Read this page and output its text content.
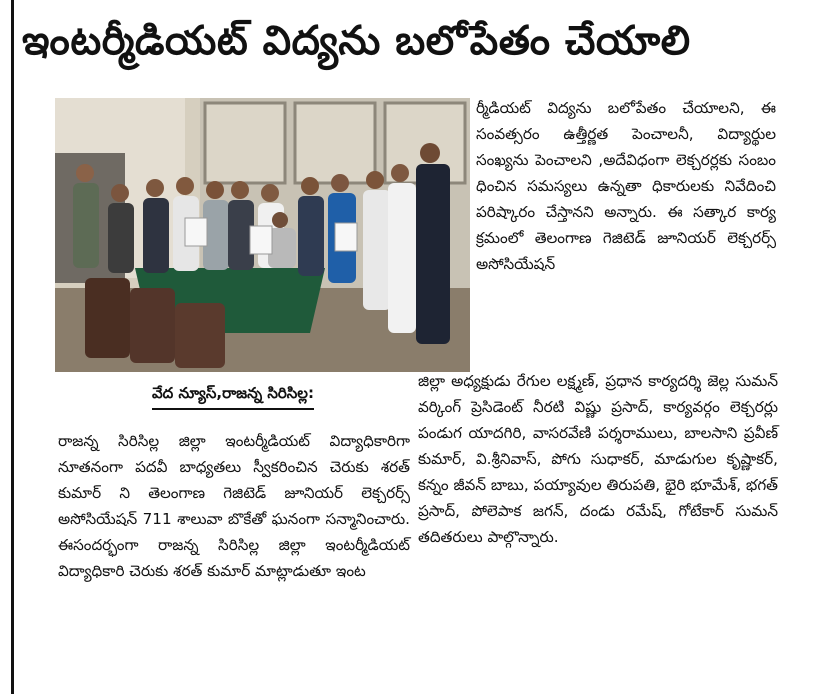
ఇంటర్మీడియట్ విద్యను బలోపేతం చేయాలి
వేద న్యూస్,రాజన్న సిరిసిల్ల:

రాజన్న సిరిసిల్ల జిల్లా ఇంటర్మీడియట్ విద్యాధికారిగా నూతనంగా పదవీ బాధ్యతలు స్వీకరించిన చెరుకు శరత్ కుమార్ ని తెలంగాణ గెజిటెడ్ జూనియర్ లెక్చరర్స్ అసోసియేషన్ 711 శాలువా బొకేతో ఘనంగా సన్మానించారు. ఈసందర్భంగా రాజన్న సిరిసిల్ల జిల్లా ఇంటర్మీడియట్ విద్యాధికారి చెరుకు శరత్ కుమార్ మాట్లాడుతూ ఇంట

ర్మీడియట్ విద్యను బలోపేతం చేయాలని, ఈ సంవత్సరం ఉత్తీర్ణత పెంచాలనీ, విద్యార్థుల సంఖ్యను పెంచాలని ,అదేవిధంగా లెక్చరర్లకు సంబం ధించిన సమస్యలు ఉన్నతా ధికారులకు నివేదించి పరిష్కారం చేస్తానని అన్నారు. ఈ సత్కార కార్య క్రమంలో తెలంగాణ గెజిటెడ్ జూనియర్ లెక్చరర్స్ అసోసియేషన్

జిల్లా అధ్యక్షుడు రేగుల లక్ష్మణ్, ప్రధాన కార్యదర్శి జెల్ల సుమన్ వర్కింగ్ ప్రెసిడెంట్ నీరటి విష్ణు ప్రసాద్, కార్యవర్గం లెక్చరర్లు పండుగ యాదగిరి, వాసరవేణి పర్శరాములు, బాలసాని ప్రవీణ్ కుమార్, వి.శ్రీనివాస్, పోగు సుధాకర్, మాడుగుల కృష్ణాకర్, కన్నం జీవన్ బాబు, పయ్యావుల తిరుపతి, భైరి భూమేశ్, భగత్ ప్రసాద్, పోలెపాక జగన్, దండు రమేష్, గోటేకార్ సుమన్ తదితరులు పాల్గొన్నారు.
